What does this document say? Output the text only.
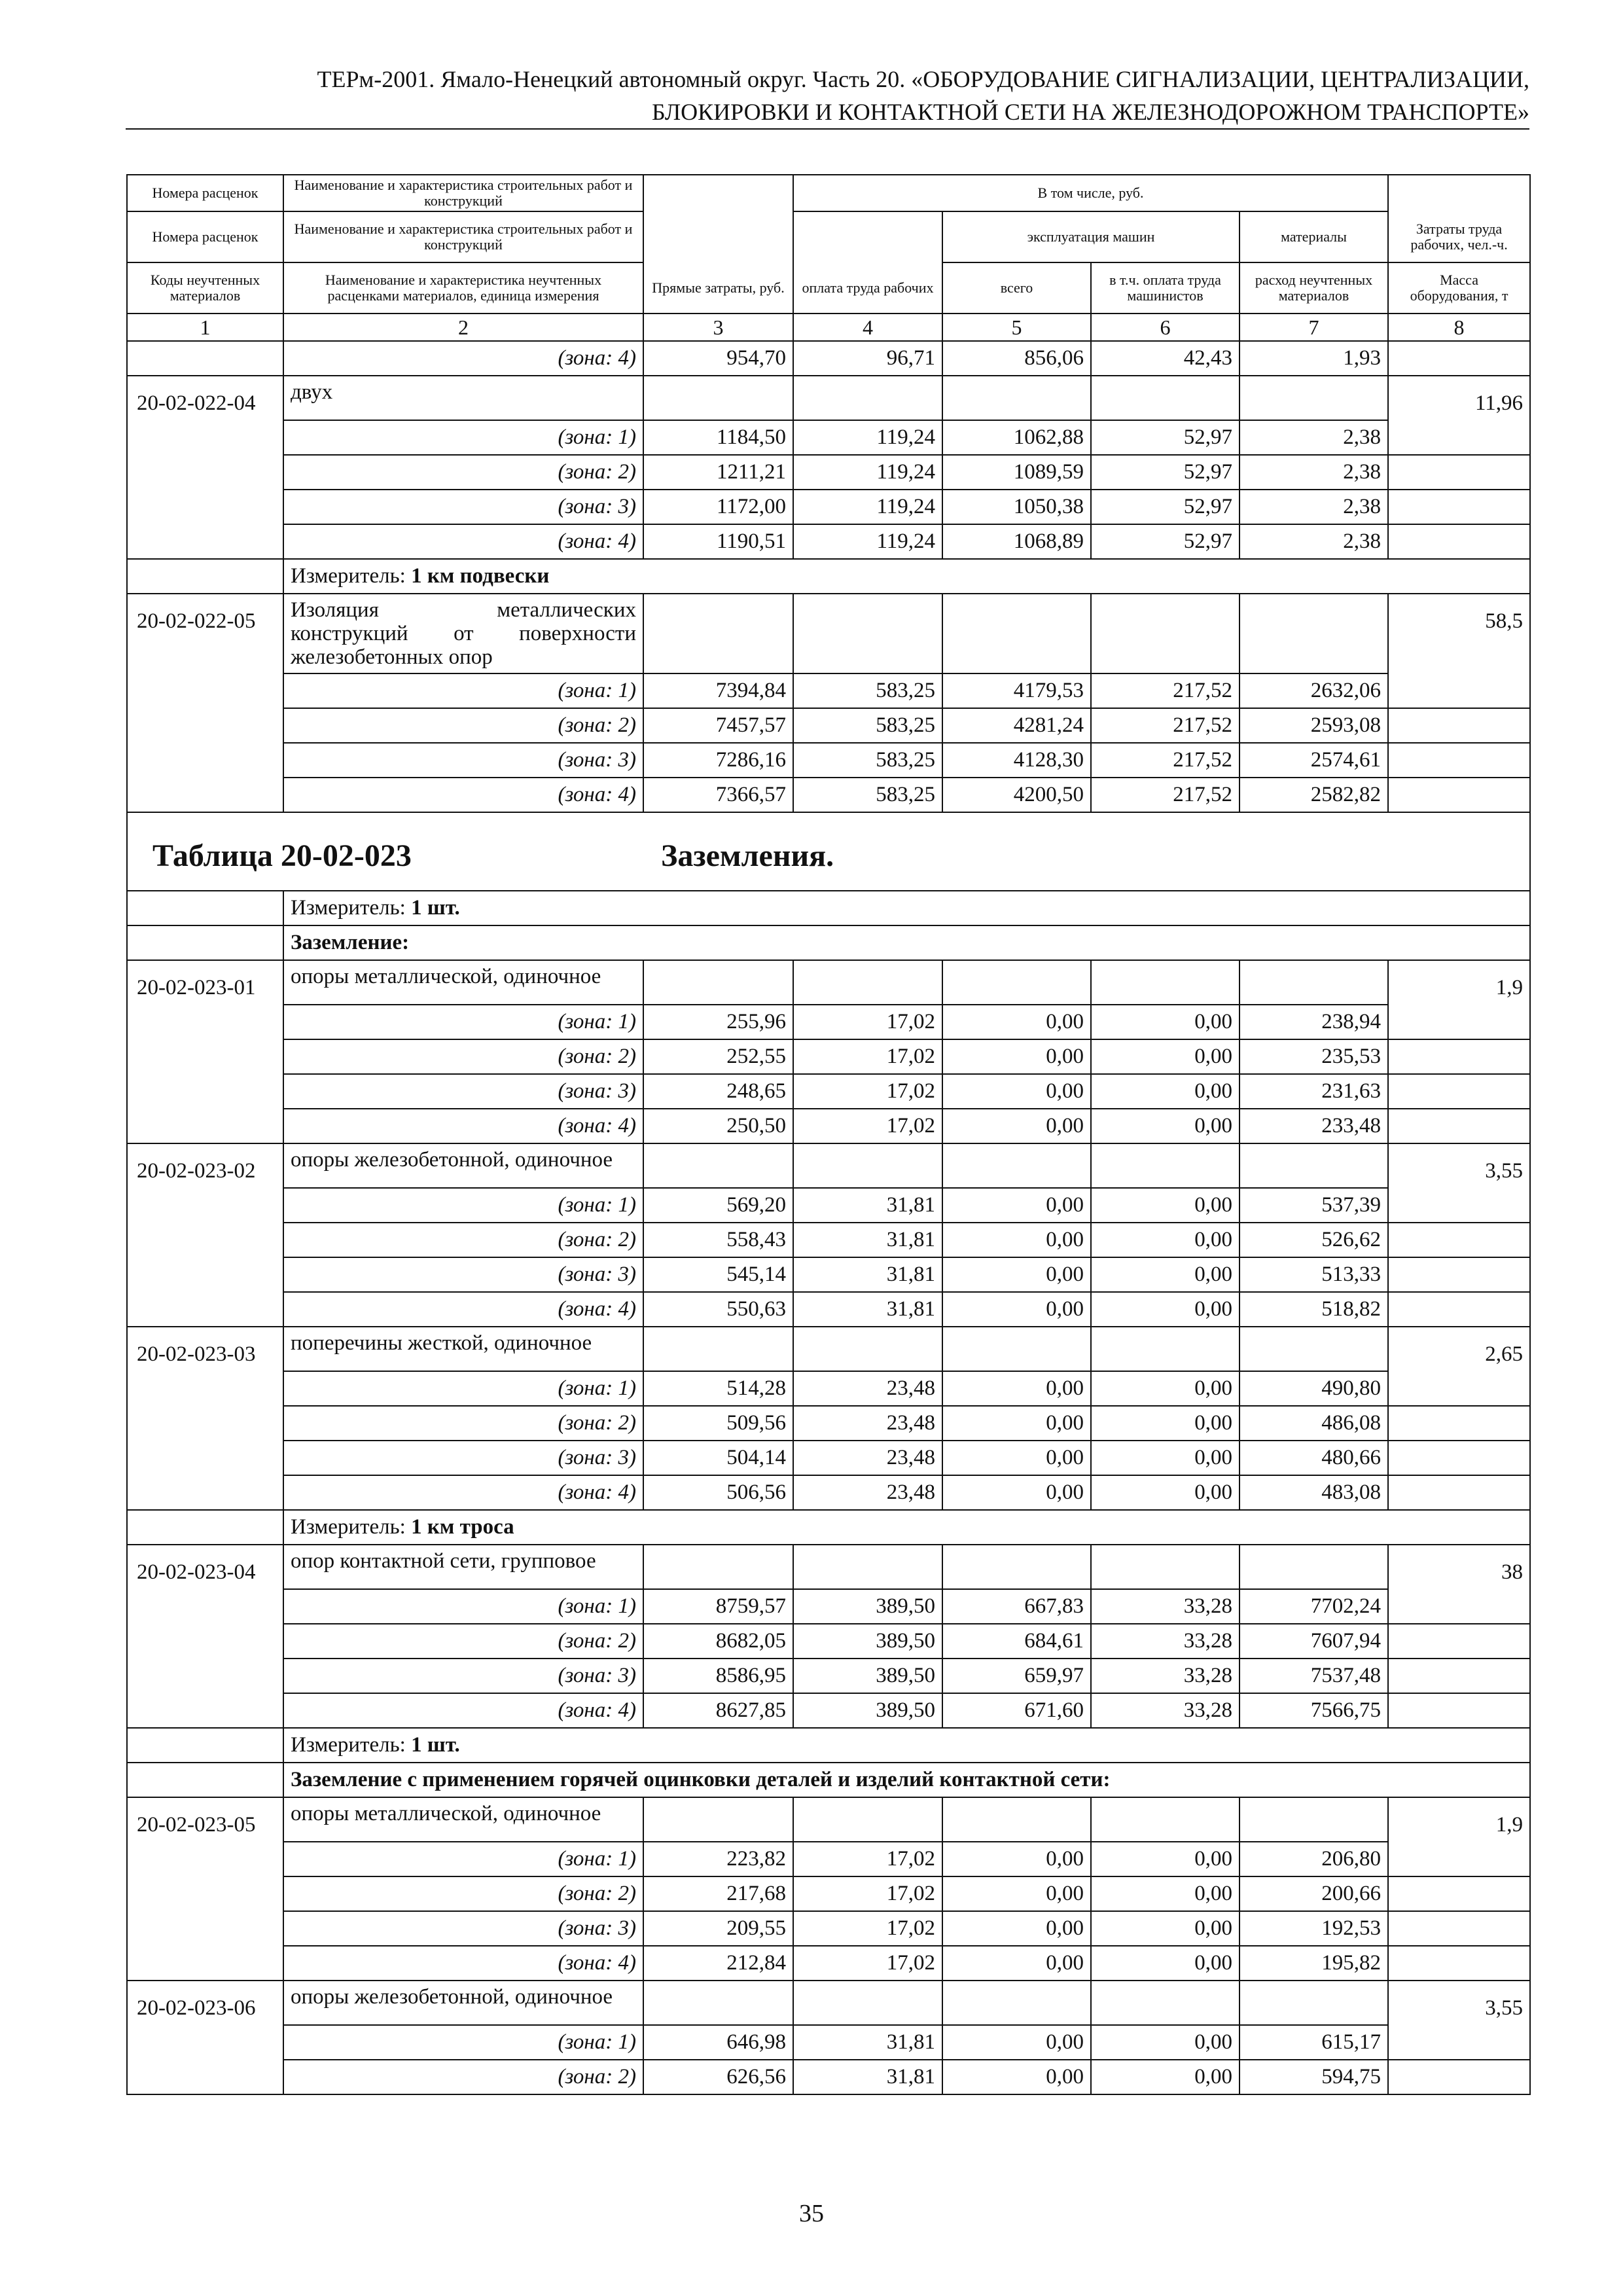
ТЕРм-2001. Ямало-Ненецкий автономный округ. Часть 20. «ОБОРУДОВАНИЕ СИГНАЛИЗАЦИИ, ЦЕНТРАЛИЗАЦИИ,
БЛОКИРОВКИ И КОНТАКТНОЙ СЕТИ НА ЖЕЛЕЗНОДОРОЖНОМ ТРАНСПОРТЕ»
Номера расценок	Наименование и характеристика строительных работ и конструкций		В том числе, руб.				
				эксплуатация машин		материалы	
Номера расценок	Наименование и характеристика строительных работ и конструкций						Затраты труда рабочих, чел.-ч.
Коды неучтенных материалов	Наименование и характеристика неучтенных расценками материалов, единица измерения	Прямые затраты, руб.	оплата труда рабочих	всего	в т.ч. оплата труда машинистов	расход неучтенных материалов	Масса оборудования, т
1	2	3	4	5	6	7	8
	(зона: 4)	954,70	96,71	856,06	42,43	1,93	
20-02-022-04	двух						11,96
	(зона: 1)	1184,50	119,24	1062,88	52,97	2,38	
	(зона: 2)	1211,21	119,24	1089,59	52,97	2,38	
	(зона: 3)	1172,00	119,24	1050,38	52,97	2,38	
	(зона: 4)	1190,51	119,24	1068,89	52,97	2,38	
	Измеритель: 1 км подвески						
20-02-022-05	Изоляция металлических конструкций от поверхности железобетонных опор						58,5
	(зона: 1)	7394,84	583,25	4179,53	217,52	2632,06	
	(зона: 2)	7457,57	583,25	4281,24	217,52	2593,08	
	(зона: 3)	7286,16	583,25	4128,30	217,52	2574,61	
	(зона: 4)	7366,57	583,25	4200,50	217,52	2582,82	

Таблица 20-02-023 Заземления.							

	Измеритель: 1 шт.						
	Заземление:						
20-02-023-01	опоры металлической, одиночное						1,9
	(зона: 1)	255,96	17,02	0,00	0,00	238,94	
	(зона: 2)	252,55	17,02	0,00	0,00	235,53	
	(зона: 3)	248,65	17,02	0,00	0,00	231,63	
	(зона: 4)	250,50	17,02	0,00	0,00	233,48	
20-02-023-02	опоры железобетонной, одиночное						3,55
	(зона: 1)	569,20	31,81	0,00	0,00	537,39	
	(зона: 2)	558,43	31,81	0,00	0,00	526,62	
	(зона: 3)	545,14	31,81	0,00	0,00	513,33	
	(зона: 4)	550,63	31,81	0,00	0,00	518,82	
20-02-023-03	поперечины жесткой, одиночное						2,65
	(зона: 1)	514,28	23,48	0,00	0,00	490,80	
	(зона: 2)	509,56	23,48	0,00	0,00	486,08	
	(зона: 3)	504,14	23,48	0,00	0,00	480,66	
	(зона: 4)	506,56	23,48	0,00	0,00	483,08	
	Измеритель: 1 км троса						
20-02-023-04	опор контактной сети, групповое						38
	(зона: 1)	8759,57	389,50	667,83	33,28	7702,24	
	(зона: 2)	8682,05	389,50	684,61	33,28	7607,94	
	(зона: 3)	8586,95	389,50	659,97	33,28	7537,48	
	(зона: 4)	8627,85	389,50	671,60	33,28	7566,75	
	Измеритель: 1 шт.						
	Заземление с применением горячей оцинковки деталей и изделий контактной сети:						
20-02-023-05	опоры металлической, одиночное						1,9
	(зона: 1)	223,82	17,02	0,00	0,00	206,80	
	(зона: 2)	217,68	17,02	0,00	0,00	200,66	
	(зона: 3)	209,55	17,02	0,00	0,00	192,53	
	(зона: 4)	212,84	17,02	0,00	0,00	195,82	
20-02-023-06	опоры железобетонной, одиночное						3,55
	(зона: 1)	646,98	31,81	0,00	0,00	615,17	
	(зона: 2)	626,56	31,81	0,00	0,00	594,75	
35
